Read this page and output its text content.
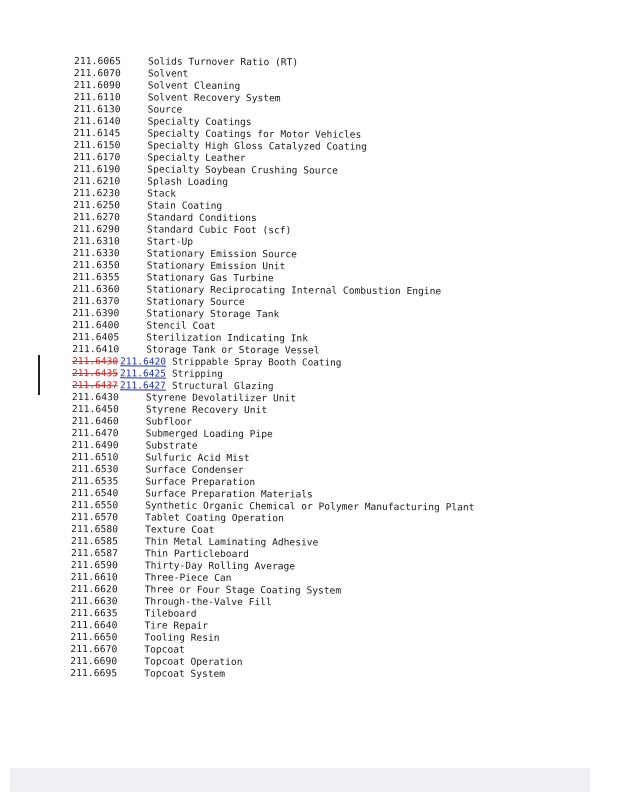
211.6065	Solids Turnover Ratio (RT)
211.6070	Solvent
211.6090	Solvent Cleaning
211.6110	Solvent Recovery System
211.6130	Source
211.6140	Specialty Coatings
211.6145	Specialty Coatings for Motor Vehicles
211.6150	Specialty High Gloss Catalyzed Coating
211.6170	Specialty Leather
211.6190	Specialty Soybean Crushing Source
211.6210	Splash Loading
211.6230	Stack
211.6250	Stain Coating
211.6270	Standard Conditions
211.6290	Standard Cubic Foot (scf)
211.6310	Start-Up
211.6330	Stationary Emission Source
211.6350	Stationary Emission Unit
211.6355	Stationary Gas Turbine
211.6360	Stationary Reciprocating Internal Combustion Engine
211.6370	Stationary Source
211.6390	Stationary Storage Tank
211.6400	Stencil Coat
211.6405	Sterilization Indicating Ink
211.6410	Storage Tank or Storage Vessel
211.6430 211.6420 Strippable Spray Booth Coating
211.6435 211.6425 Stripping
211.6437 211.6427 Structural Glazing
211.6430	Styrene Devolatilizer Unit
211.6450	Styrene Recovery Unit
211.6460	Subfloor
211.6470	Submerged Loading Pipe
211.6490	Substrate
211.6510	Sulfuric Acid Mist
211.6530	Surface Condenser
211.6535	Surface Preparation
211.6540	Surface Preparation Materials
211.6550	Synthetic Organic Chemical or Polymer Manufacturing Plant
211.6570	Tablet Coating Operation
211.6580	Texture Coat
211.6585	Thin Metal Laminating Adhesive
211.6587	Thin Particleboard
211.6590	Thirty-Day Rolling Average
211.6610	Three-Piece Can
211.6620	Three or Four Stage Coating System
211.6630	Through-the-Valve Fill
211.6635	Tileboard
211.6640	Tire Repair
211.6650	Tooling Resin
211.6670	Topcoat
211.6690	Topcoat Operation
211.6695	Topcoat System
